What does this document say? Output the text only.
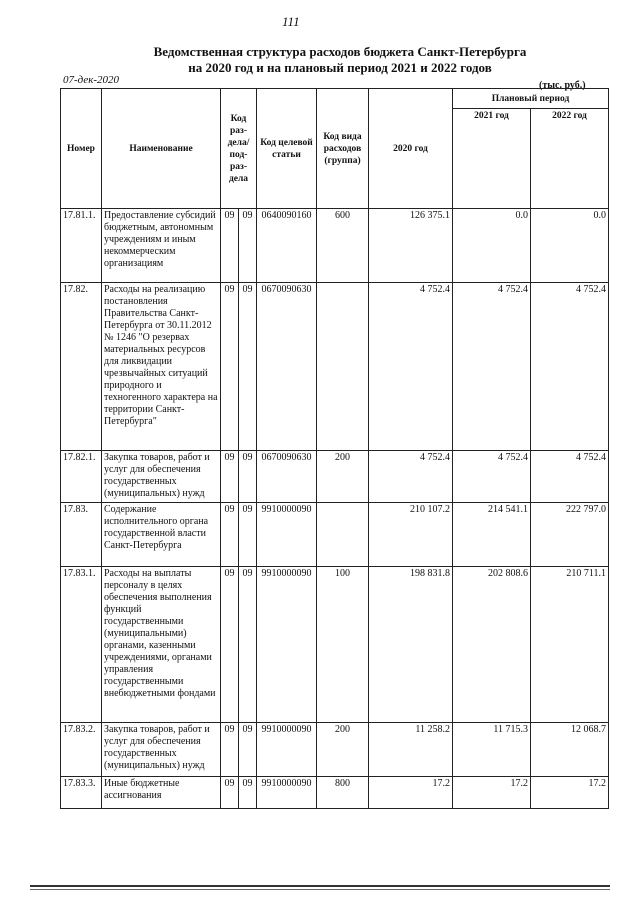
111
Ведомственная структура расходов бюджета Санкт-Петербурга
на 2020 год и на плановый период 2021 и 2022 годов
07-дек-2020	(тыс. руб.)
Номер	Наименование	Код раз-дела/ под-раз-дела		Код целевой статьи	Код вида расходов (группа)	2020 год	Плановый период	
							2021 год	2022 год
17.81.1.	Предоставление субсидий бюджетным, автономным учреждениям и иным некоммерческим организациям	09	09	0640090160	600	126 375.1	0.0	0.0
17.82.	Расходы на реализацию постановления Правительства Санкт-Петербурга от 30.11.2012 № 1246 "О резервах материальных ресурсов для ликвидации чрезвычайных ситуаций природного и техногенного характера на территории Санкт-Петербурга"	09	09	0670090630		4 752.4	4 752.4	4 752.4
17.82.1.	Закупка товаров, работ и услуг для обеспечения государственных (муниципальных) нужд	09	09	0670090630	200	4 752.4	4 752.4	4 752.4
17.83.	Содержание исполнительного органа государственной власти Санкт-Петербурга	09	09	9910000090		210 107.2	214 541.1	222 797.0
17.83.1.	Расходы на выплаты персоналу в целях обеспечения выполнения функций государственными (муниципальными) органами, казенными учреждениями, органами управления государственными внебюджетными фондами	09	09	9910000090	100	198 831.8	202 808.6	210 711.1
17.83.2.	Закупка товаров, работ и услуг для обеспечения государственных (муниципальных) нужд	09	09	9910000090	200	11 258.2	11 715.3	12 068.7
17.83.3.	Иные бюджетные ассигнования	09	09	9910000090	800	17.2	17.2	17.2
